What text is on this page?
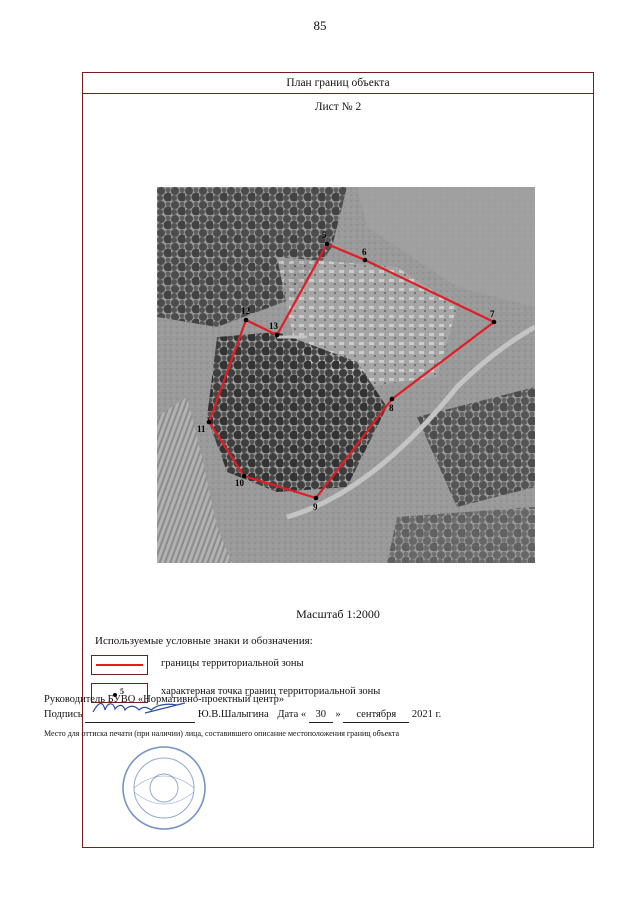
85
План границ объекта
Лист № 2
5
6
7
8
9
10
11
12
13
Масштаб 1:2000
Используемые условные знаки и обозначения:
границы территориальной зоны
5	характерная точка границ территориальной зоны
Руководитель БУВО «Нормативно-проектный центр»
Подпись	Ю.В.Шалыгина Дата « 30 » сентября 2021 г.
Место для оттиска печати (при наличии) лица, составившего описание местоположения границ объекта
